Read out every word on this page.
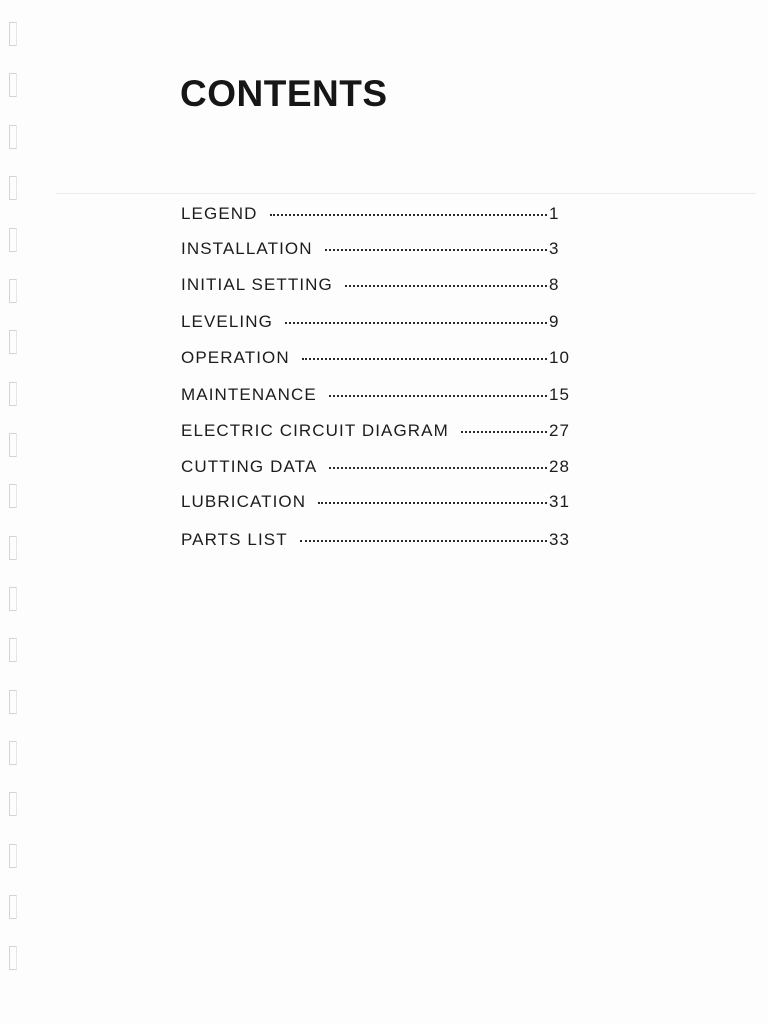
CONTENTS
LEGEND	1
INSTALLATION	3
INITIAL SETTING	8
LEVELING	9
OPERATION	10
MAINTENANCE	15
ELECTRIC CIRCUIT DIAGRAM	27
CUTTING DATA	28
LUBRICATION	31
PARTS LIST	33
